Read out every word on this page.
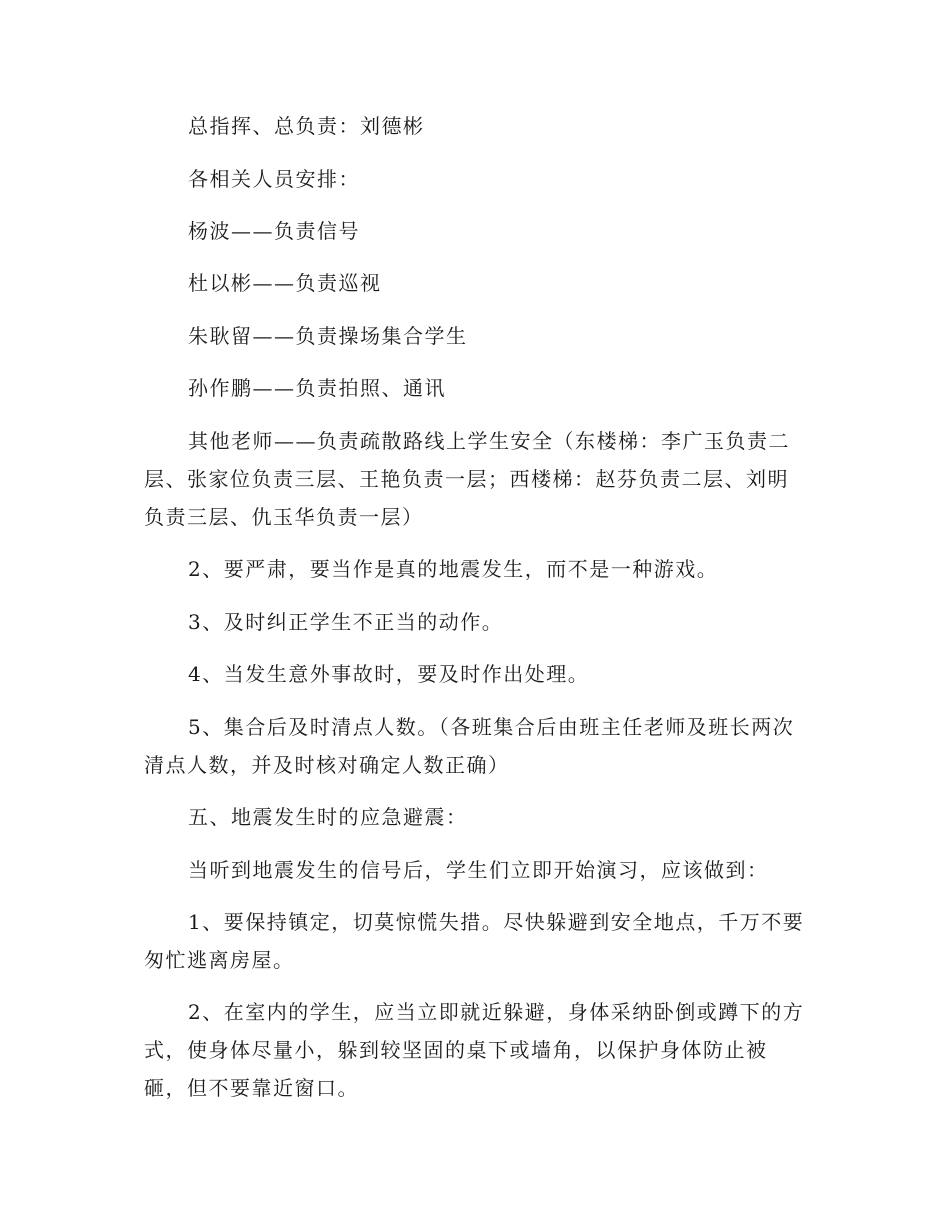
总指挥、总负责：刘德彬
各相关人员安排：
杨波——负责信号
杜以彬——负责巡视
朱耿留——负责操场集合学生
孙作鹏——负责拍照、通讯
其他老师——负责疏散路线上学生安全（东楼梯：李广玉负责二
层、张家位负责三层、王艳负责一层；西楼梯：赵芬负责二层、刘明
负责三层、仇玉华负责一层）
2、要严肃，要当作是真的地震发生，而不是一种游戏。
3、及时纠正学生不正当的动作。
4、当发生意外事故时，要及时作出处理。
5、集合后及时清点人数。（各班集合后由班主任老师及班长两次
清点人数，并及时核对确定人数正确）
五、地震发生时的应急避震：
当听到地震发生的信号后，学生们立即开始演习，应该做到：
1、要保持镇定，切莫惊慌失措。尽快躲避到安全地点，千万不要
匆忙逃离房屋。
2、在室内的学生，应当立即就近躲避，身体采纳卧倒或蹲下的方
式，使身体尽量小，躲到较坚固的桌下或墙角，以保护身体防止被
砸，但不要靠近窗口。
